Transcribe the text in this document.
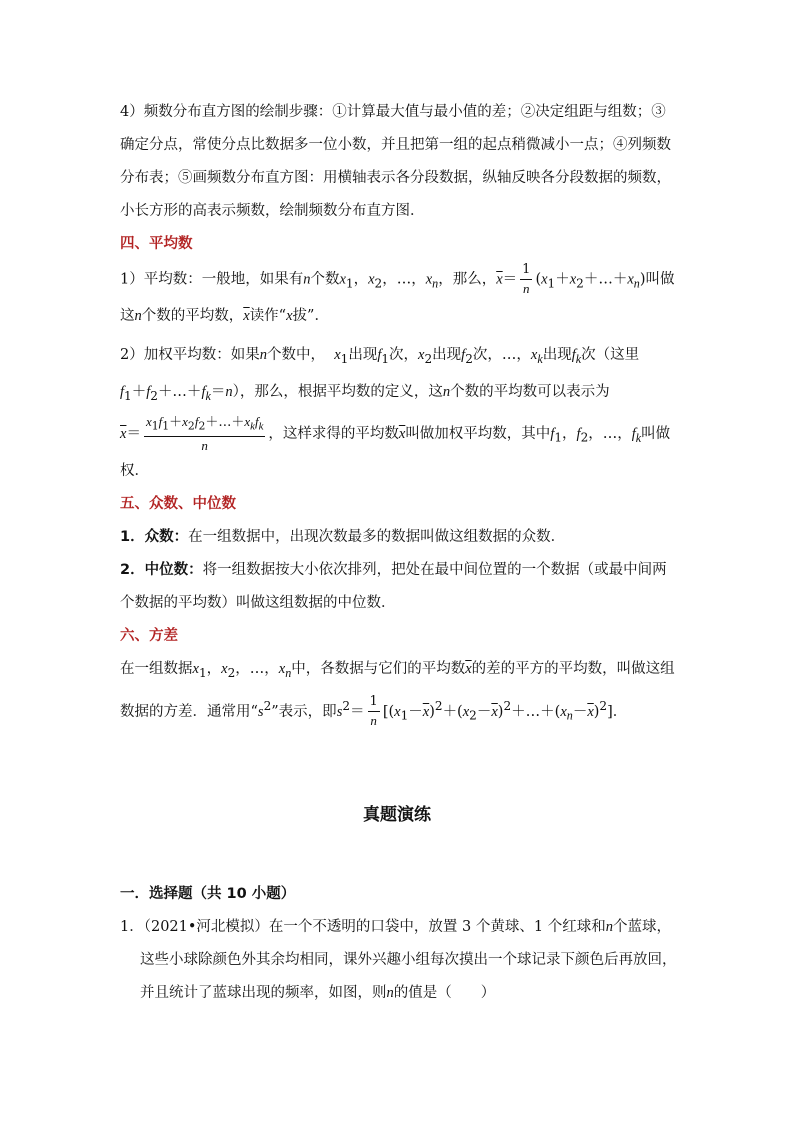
4）频数分布直方图的绘制步骤：①计算最大值与最小值的差；②决定组距与组数；③确定分点，常使分点比数据多一位小数，并且把第一组的起点稍微减小一点；④列频数分布表；⑤画频数分布直方图：用横轴表示各分段数据，纵轴反映各分段数据的频数，小长方形的高表示频数，绘制频数分布直方图．

四、平均数

1）平均数：一般地，如果有n个数$x_1$，$x_2$，…，$x_n$，那么，$\overline{x}= \frac{1}{n}$ $(x_1+x_2+\dots+x_n)$叫做这n个数的平均数，$\overline{x}$读作“x拔”．

2）加权平均数：如果n个数中， $x_1$出现$f_1$次，$x_2$出现$f_2$次，…，$x_k$出现$f_k$次（这里
$f_1+f_2+\dots+f_k=n$），那么，根据平均数的定义，这n个数的平均数可以表示为
$\overline{x}= \frac{x_1f_1+x_2f_2+\dots+x_kf_k}{n}$ ，这样求得的平均数$\overline{x}$叫做加权平均数，其中$f_1$，$f_2$，…，$f_k$叫做权．

五、众数、中位数

1．众数：在一组数据中，出现次数最多的数据叫做这组数据的众数．

2．中位数：将一组数据按大小依次排列，把处在最中间位置的一个数据（或最中间两个数据的平均数）叫做这组数据的中位数．

六、方差

在一组数据$x_1$，$x_2$，…，$x_n$中，各数据与它们的平均数$\overline{x}$的差的平方的平均数，叫做这组数据的方差．通常用“$s^2$”表示，即$s^2= \frac{1}{n}$ $[(x_1-\overline{x})^2+(x_2-\overline{x})^2+\dots+(x_n-\overline{x})^2]$．

真题演练

一．选择题（共 10 小题）

1．（2021•河北模拟）在一个不透明的口袋中，放置 3 个黄球、1 个红球和n个蓝球，这些小球除颜色外其余均相同，课外兴趣小组每次摸出一个球记录下颜色后再放回，并且统计了蓝球出现的频率，如图，则n的值是（　　）
